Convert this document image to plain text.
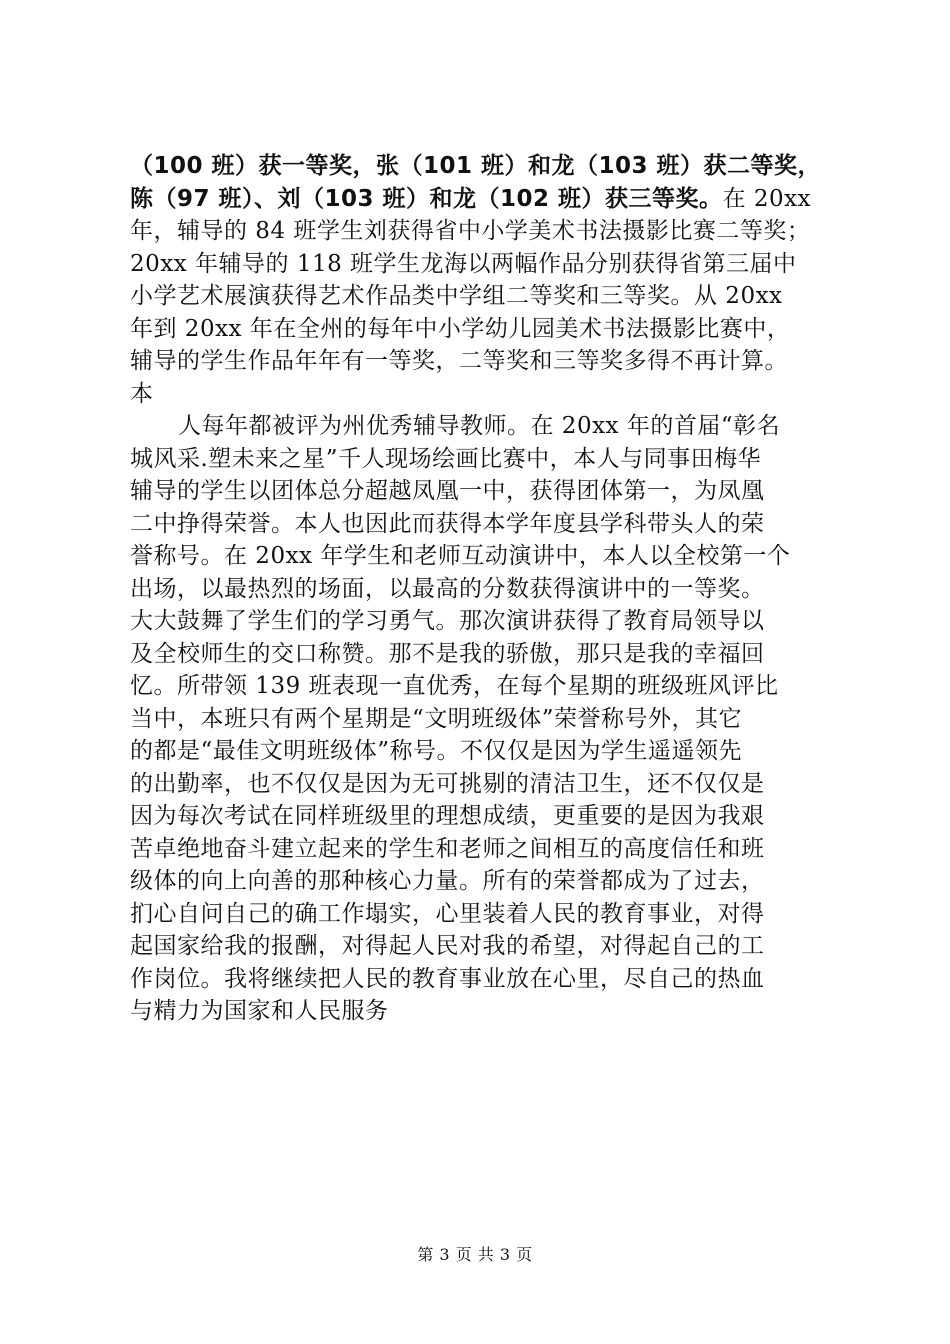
（100 班）获一等奖，张（101 班）和龙（103 班）获二等奖，
陈（97 班）、刘（103 班）和龙（102 班）获三等奖。在 20xx
年，辅导的 84 班学生刘获得省中小学美术书法摄影比赛二等奖；
20xx 年辅导的 118 班学生龙海以两幅作品分别获得省第三届中
小学艺术展演获得艺术作品类中学组二等奖和三等奖。从 20xx
年到 20xx 年在全州的每年中小学幼儿园美术书法摄影比赛中，
辅导的学生作品年年有一等奖，二等奖和三等奖多得不再计算。
本
人每年都被评为州优秀辅导教师。在 20xx 年的首届“彰名
城风采.塑未来之星”千人现场绘画比赛中，本人与同事田梅华
辅导的学生以团体总分超越凤凰一中，获得团体第一，为凤凰
二中挣得荣誉。本人也因此而获得本学年度县学科带头人的荣
誉称号。在 20xx 年学生和老师互动演讲中，本人以全校第一个
出场，以最热烈的场面，以最高的分数获得演讲中的一等奖。
大大鼓舞了学生们的学习勇气。那次演讲获得了教育局领导以
及全校师生的交口称赞。那不是我的骄傲，那只是我的幸福回
忆。所带领 139 班表现一直优秀，在每个星期的班级班风评比
当中，本班只有两个星期是“文明班级体”荣誉称号外，其它
的都是“最佳文明班级体”称号。不仅仅是因为学生遥遥领先
的出勤率，也不仅仅是因为无可挑剔的清洁卫生，还不仅仅是
因为每次考试在同样班级里的理想成绩，更重要的是因为我艰
苦卓绝地奋斗建立起来的学生和老师之间相互的高度信任和班
级体的向上向善的那种核心力量。所有的荣誉都成为了过去，
扪心自问自己的确工作塌实，心里装着人民的教育事业，对得
起国家给我的报酬，对得起人民对我的希望，对得起自己的工
作岗位。我将继续把人民的教育事业放在心里，尽自己的热血
与精力为国家和人民服务
第 3 页 共 3 页
